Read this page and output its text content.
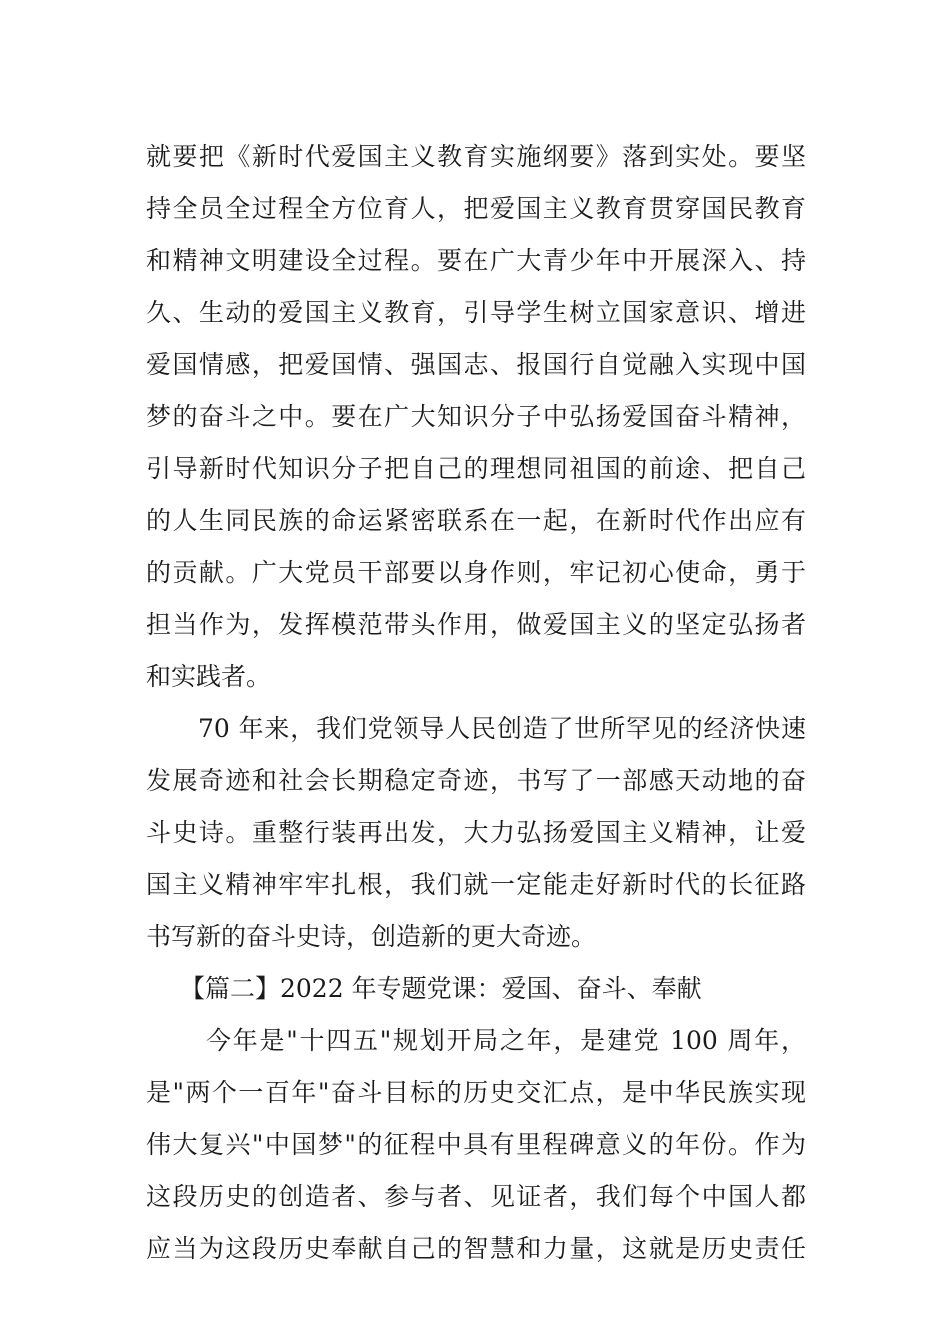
就要把《新时代爱国主义教育实施纲要》落到实处。要坚
持全员全过程全方位育人，把爱国主义教育贯穿国民教育
和精神文明建设全过程。要在广大青少年中开展深入、持
久、生动的爱国主义教育，引导学生树立国家意识、增进
爱国情感，把爱国情、强国志、报国行自觉融入实现中国
梦的奋斗之中。要在广大知识分子中弘扬爱国奋斗精神，
引导新时代知识分子把自己的理想同祖国的前途、把自己
的人生同民族的命运紧密联系在一起，在新时代作出应有
的贡献。广大党员干部要以身作则，牢记初心使命，勇于
担当作为，发挥模范带头作用，做爱国主义的坚定弘扬者
和实践者。
70 年来，我们党领导人民创造了世所罕见的经济快速
发展奇迹和社会长期稳定奇迹，书写了一部感天动地的奋
斗史诗。重整行装再出发，大力弘扬爱国主义精神，让爱
国主义精神牢牢扎根，我们就一定能走好新时代的长征路
书写新的奋斗史诗，创造新的更大奇迹。
【篇二】2022 年专题党课：爱国、奋斗、奉献
今年是"十四五"规划开局之年，是建党 100 周年，
是"两个一百年"奋斗目标的历史交汇点，是中华民族实现
伟大复兴"中国梦"的征程中具有里程碑意义的年份。作为
这段历史的创造者、参与者、见证者，我们每个中国人都
应当为这段历史奉献自己的智慧和力量，这就是历史责任
